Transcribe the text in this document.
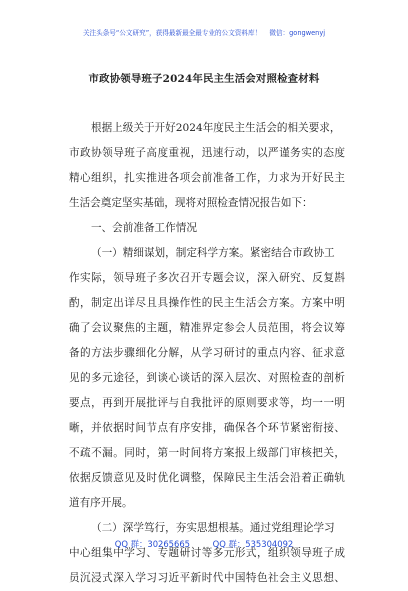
关注头条号“公文研究”，获得最新最全最专业的公文资料库！ 微信：gongwenyj
市政协领导班子2024年民主生活会对照检查材料
根据上级关于开好2024年度民主生活会的相关要求，
市政协领导班子高度重视，迅速行动，以严谨务实的态度
精心组织，扎实推进各项会前准备工作，力求为开好民主
生活会奠定坚实基础，现将对照检查情况报告如下：
一、会前准备工作情况
（一）精细谋划，制定科学方案。紧密结合市政协工
作实际，领导班子多次召开专题会议，深入研究、反复斟
酌，制定出详尽且具操作性的民主生活会方案。方案中明
确了会议聚焦的主题，精准界定参会人员范围，将会议筹
备的方法步骤细化分解，从学习研讨的重点内容、征求意
见的多元途径，到谈心谈话的深入层次、对照检查的剖析
要点，再到开展批评与自我批评的原则要求等，均一一明
晰，并依据时间节点有序安排，确保各个环节紧密衔接、
不疏不漏。同时，第一时间将方案报上级部门审核把关，
依据反馈意见及时优化调整，保障民主生活会沿着正确轨
道有序开展。
（二）深学笃行，夯实思想根基。通过党组理论学习
中心组集中学习、专题研讨等多元形式，组织领导班子成
员沉浸式深入学习习近平新时代中国特色社会主义思想、
QQ 群：30265665	QQ 群：535304092
